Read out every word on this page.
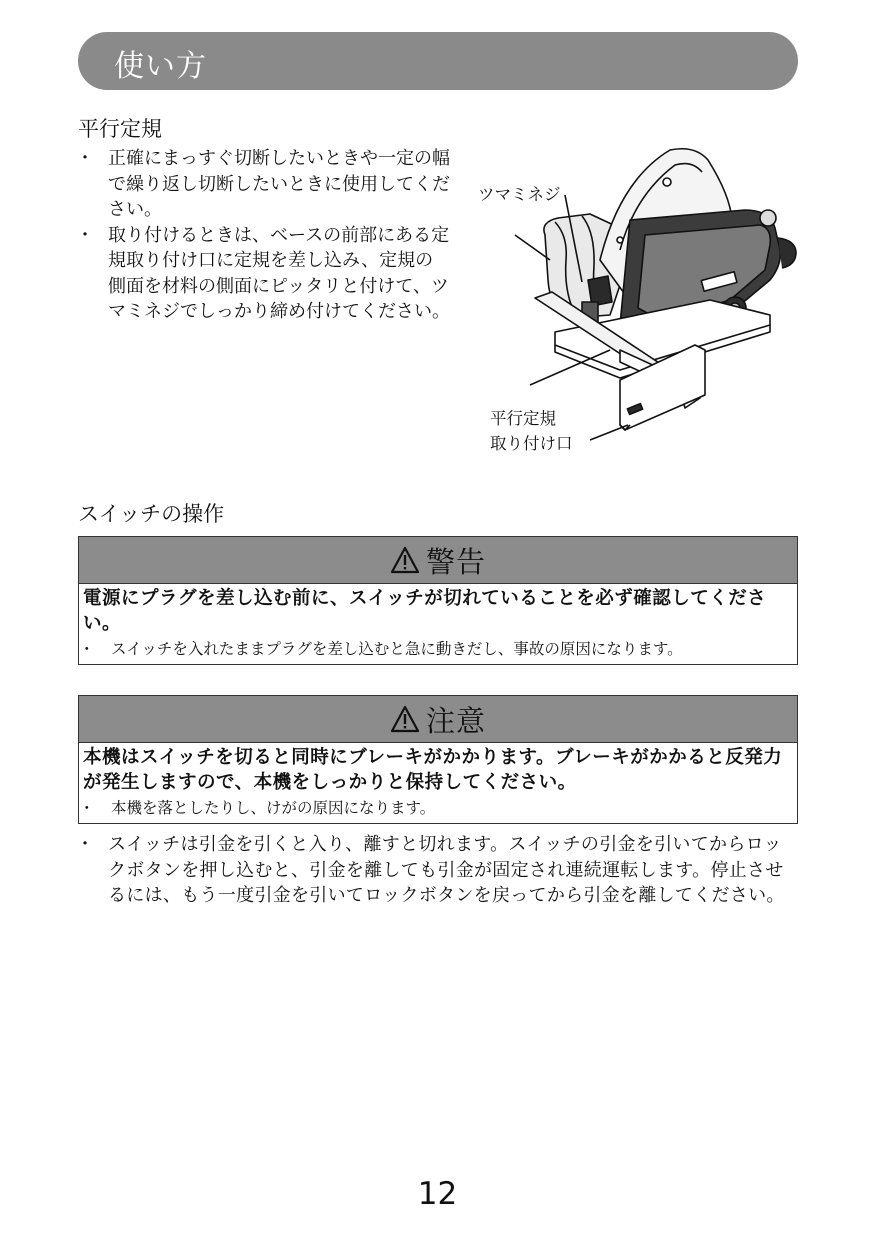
使い方
平行定規
・ 正確にまっすぐ切断したいときや一定の幅で繰り返し切断したいときに使用してください。
・ 取り付けるときは、ベースの前部にある定規取り付け口に定規を差し込み、定規の側面を材料の側面にピッタリと付けて、ツマミネジでしっかり締め付けてください。
ツマミネジ
平行定規
取り付け口
スイッチの操作
警告
電源にプラグを差し込む前に、スイッチが切れていることを必ず確認してください。
・ スイッチを入れたままプラグを差し込むと急に動きだし、事故の原因になります。
注意
本機はスイッチを切ると同時にブレーキがかかります。ブレーキがかかると反発力が発生しますので、本機をしっかりと保持してください。
・ 本機を落としたりし、けがの原因になります。
・ スイッチは引金を引くと入り、離すと切れます。スイッチの引金を引いてからロックボタンを押し込むと、引金を離しても引金が固定され連続運転します。停止させるには、もう一度引金を引いてロックボタンを戻ってから引金を離してください。
12
